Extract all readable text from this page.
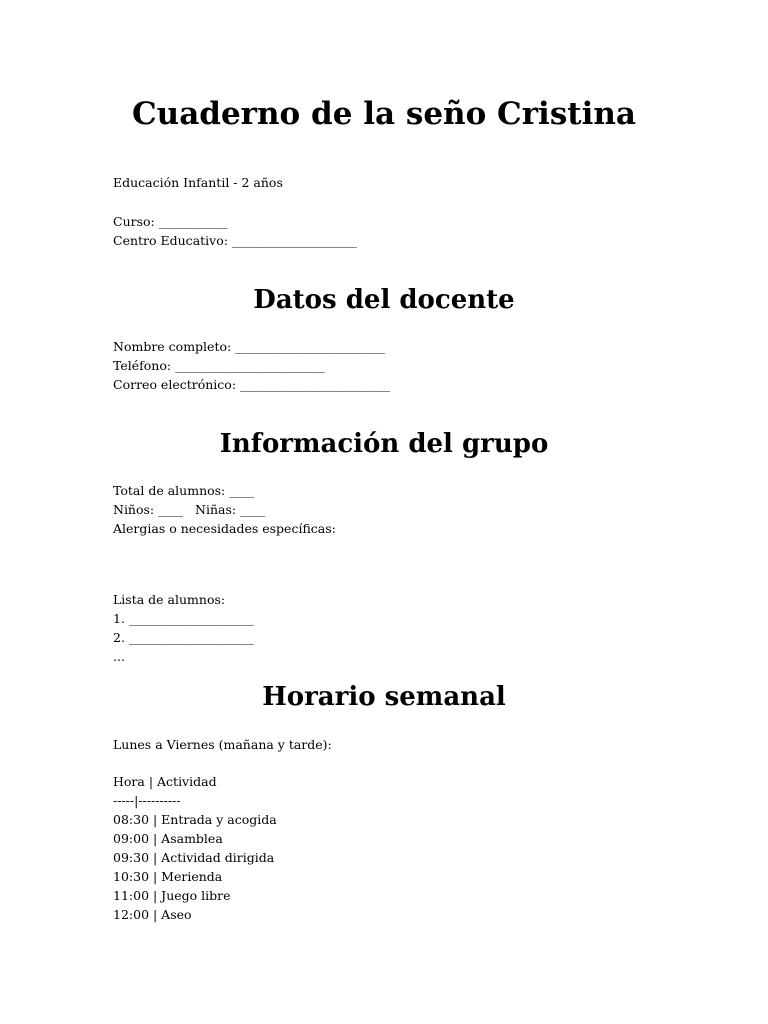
Cuaderno de la seño Cristina
Educación Infantil - 2 años
Curso: ___________
Centro Educativo: ____________________
Datos del docente
Nombre completo: ________________________
Teléfono: ________________________
Correo electrónico: ________________________
Información del grupo
Total de alumnos: ____
Niños: ____   Niñas: ____
Alergias o necesidades específicas:
Lista de alumnos:
1. ____________________
2. ____________________
...
Horario semanal
Lunes a Viernes (mañana y tarde):
Hora | Actividad
-----|----------
08:30 | Entrada y acogida
09:00 | Asamblea
09:30 | Actividad dirigida
10:30 | Merienda
11:00 | Juego libre
12:00 | Aseo
